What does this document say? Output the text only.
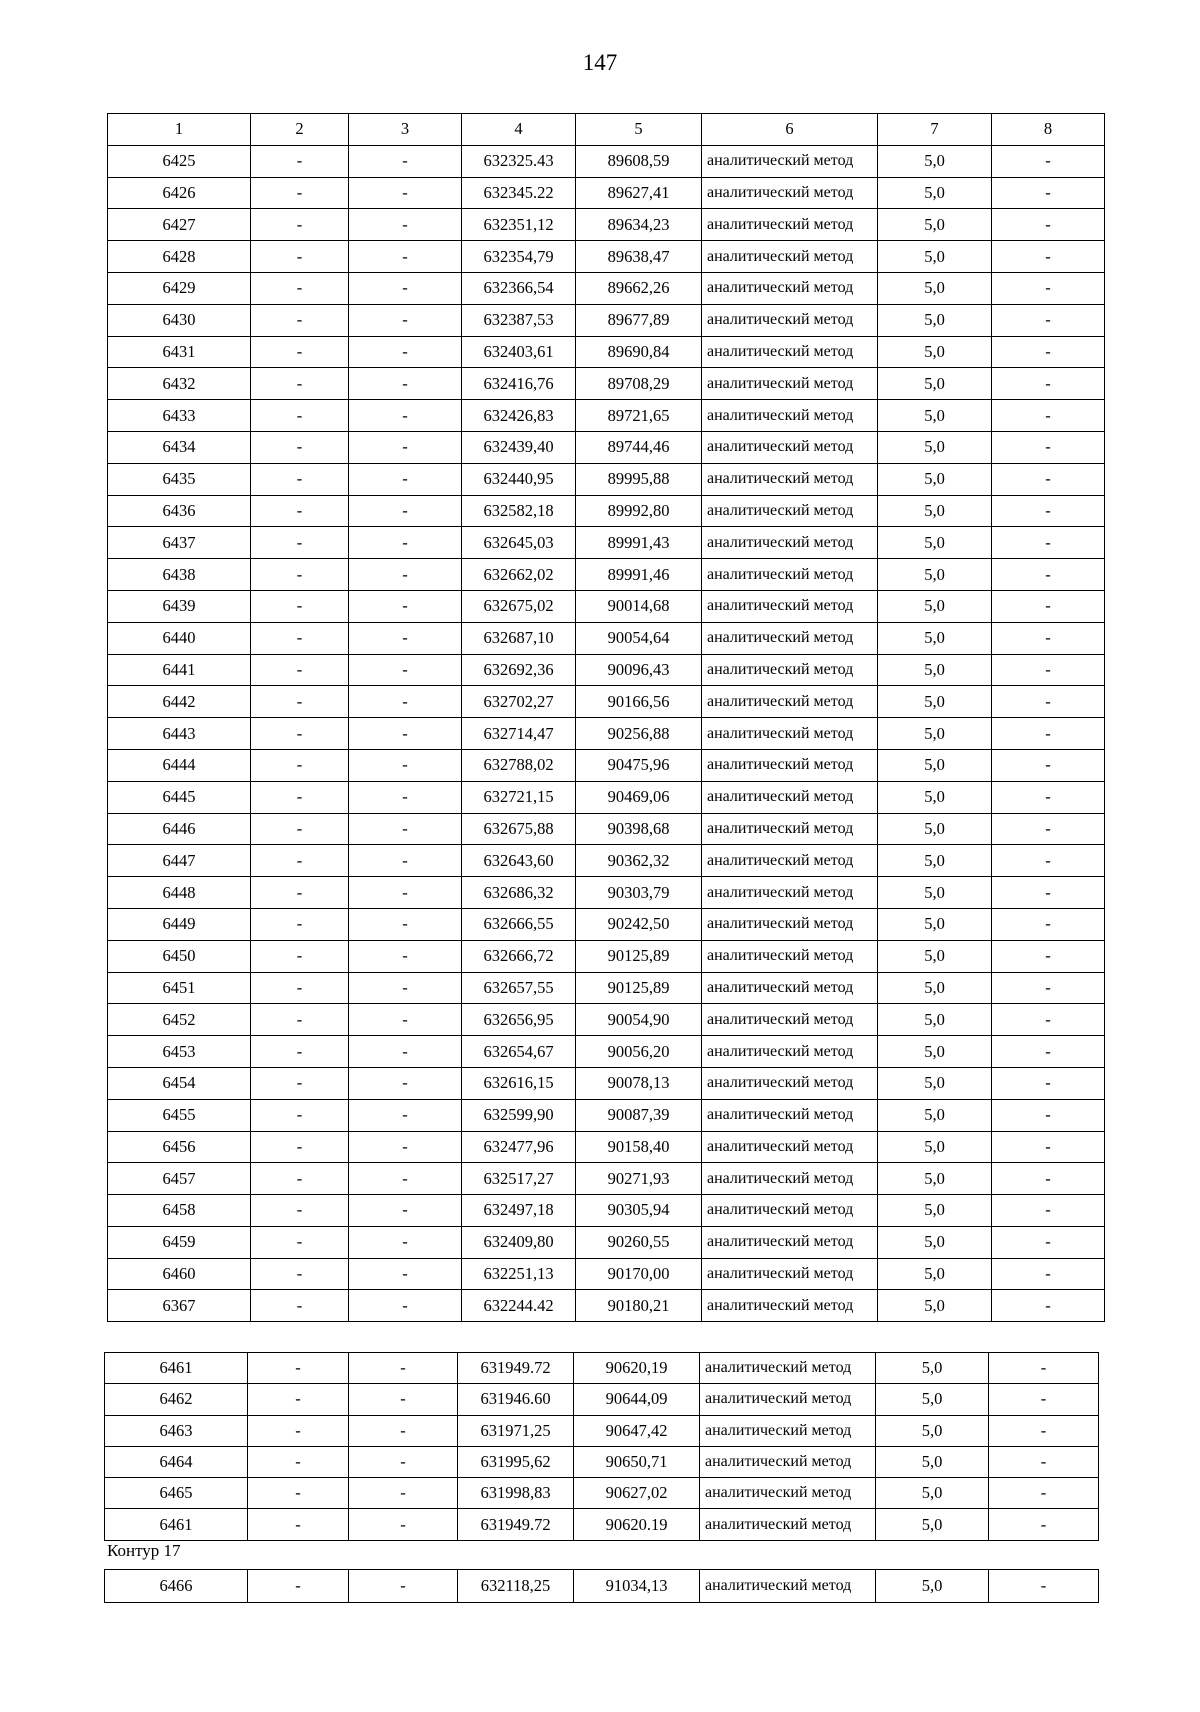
147
1	2	3	4	5	6	7	8
6425	-	-	632325.43	89608,59	аналитический метод	5,0	-
6426	-	-	632345.22	89627,41	аналитический метод	5,0	-
6427	-	-	632351,12	89634,23	аналитический метод	5,0	-
6428	-	-	632354,79	89638,47	аналитический метод	5,0	-
6429	-	-	632366,54	89662,26	аналитический метод	5,0	-
6430	-	-	632387,53	89677,89	аналитический метод	5,0	-
6431	-	-	632403,61	89690,84	аналитический метод	5,0	-
6432	-	-	632416,76	89708,29	аналитический метод	5,0	-
6433	-	-	632426,83	89721,65	аналитический метод	5,0	-
6434	-	-	632439,40	89744,46	аналитический метод	5,0	-
6435	-	-	632440,95	89995,88	аналитический метод	5,0	-
6436	-	-	632582,18	89992,80	аналитический метод	5,0	-
6437	-	-	632645,03	89991,43	аналитический метод	5,0	-
6438	-	-	632662,02	89991,46	аналитический метод	5,0	-
6439	-	-	632675,02	90014,68	аналитический метод	5,0	-
6440	-	-	632687,10	90054,64	аналитический метод	5,0	-
6441	-	-	632692,36	90096,43	аналитический метод	5,0	-
6442	-	-	632702,27	90166,56	аналитический метод	5,0	-
6443	-	-	632714,47	90256,88	аналитический метод	5,0	-
6444	-	-	632788,02	90475,96	аналитический метод	5,0	-
6445	-	-	632721,15	90469,06	аналитический метод	5,0	-
6446	-	-	632675,88	90398,68	аналитический метод	5,0	-
6447	-	-	632643,60	90362,32	аналитический метод	5,0	-
6448	-	-	632686,32	90303,79	аналитический метод	5,0	-
6449	-	-	632666,55	90242,50	аналитический метод	5,0	-
6450	-	-	632666,72	90125,89	аналитический метод	5,0	-
6451	-	-	632657,55	90125,89	аналитический метод	5,0	-
6452	-	-	632656,95	90054,90	аналитический метод	5,0	-
6453	-	-	632654,67	90056,20	аналитический метод	5,0	-
6454	-	-	632616,15	90078,13	аналитический метод	5,0	-
6455	-	-	632599,90	90087,39	аналитический метод	5,0	-
6456	-	-	632477,96	90158,40	аналитический метод	5,0	-
6457	-	-	632517,27	90271,93	аналитический метод	5,0	-
6458	-	-	632497,18	90305,94	аналитический метод	5,0	-
6459	-	-	632409,80	90260,55	аналитический метод	5,0	-
6460	-	-	632251,13	90170,00	аналитический метод	5,0	-
6367	-	-	632244.42	90180,21	аналитический метод	5,0	-
6461	-	-	631949.72	90620,19	аналитический метод	5,0	-
6462	-	-	631946.60	90644,09	аналитический метод	5,0	-
6463	-	-	631971,25	90647,42	аналитический метод	5,0	-
6464	-	-	631995,62	90650,71	аналитический метод	5,0	-
6465	-	-	631998,83	90627,02	аналитический метод	5,0	-
6461	-	-	631949.72	90620.19	аналитический метод	5,0	-
Контур 17
6466	-	-	632118,25	91034,13	аналитический метод	5,0	-
